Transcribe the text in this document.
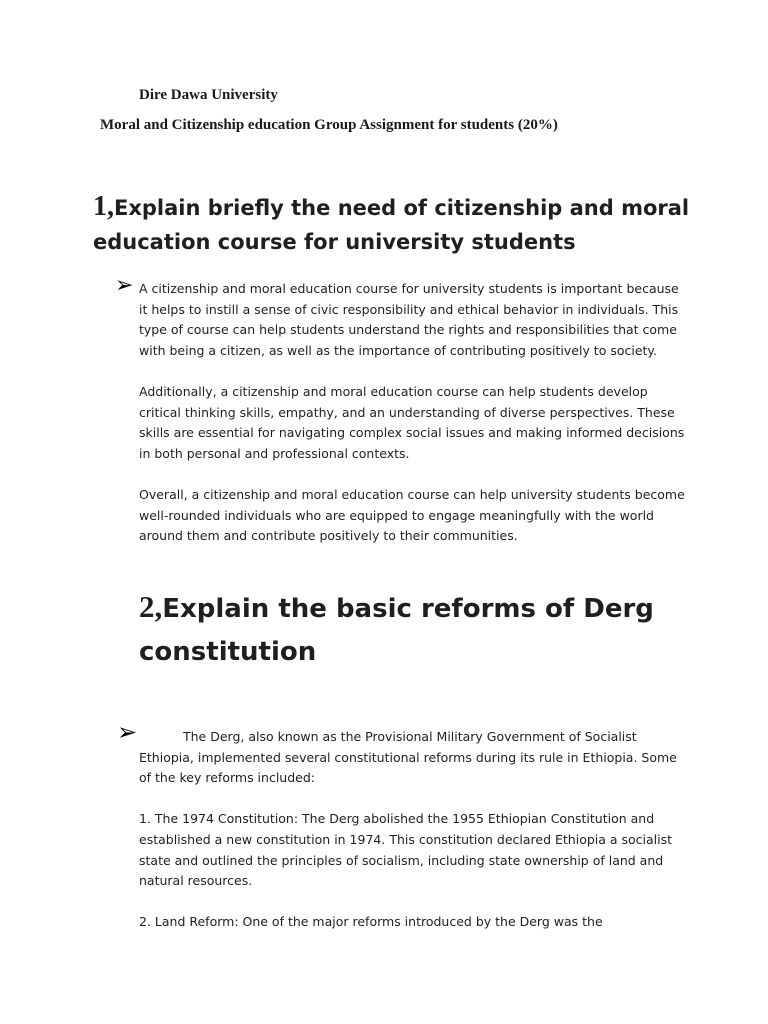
Dire Dawa University
Moral and Citizenship education Group Assignment for students (20%)
1,Explain briefly the need of citizenship and moral education course for university students
➢ A citizenship and moral education course for university students is important because it helps to instill a sense of civic responsibility and ethical behavior in individuals. This type of course can help students understand the rights and responsibilities that come with being a citizen, as well as the importance of contributing positively to society.

Additionally, a citizenship and moral education course can help students develop critical thinking skills, empathy, and an understanding of diverse perspectives. These skills are essential for navigating complex social issues and making informed decisions in both personal and professional contexts.

Overall, a citizenship and moral education course can help university students become well-rounded individuals who are equipped to engage meaningfully with the world around them and contribute positively to their communities.

2,Explain the basic reforms of Derg constitution
➢	The Derg, also known as the Provisional Military Government of Socialist Ethiopia, implemented several constitutional reforms during its rule in Ethiopia. Some of the key reforms included:

1. The 1974 Constitution: The Derg abolished the 1955 Ethiopian Constitution and established a new constitution in 1974. This constitution declared Ethiopia a socialist state and outlined the principles of socialism, including state ownership of land and natural resources.

2. Land Reform: One of the major reforms introduced by the Derg was the
